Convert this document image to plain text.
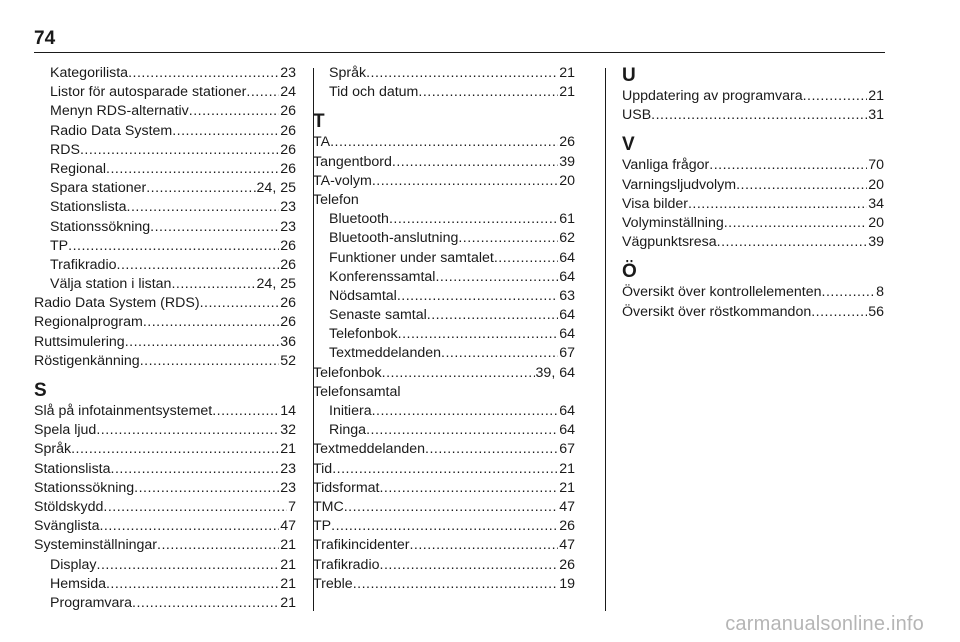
74
Kategorilista .....	23
Listor för autosparade stationer ..... 24
Menyn RDS-alternativ .....	26
Radio Data System .....	26
RDS .....	26
Regional .....	26
Spara stationer .....	24, 25
Stationslista .....	23
Stationssökning .....	23
TP .....	26
Trafikradio .....	26
Välja station i listan .....	24, 25
Radio Data System (RDS) .....	26
Regionalprogram .....	26
Ruttsimulering .....	36
Röstigenkänning .....	52
S
Slå på infotainmentsystemet .....	14
Spela ljud .....	32
Språk .....	21
Stationslista .....	23
Stationssökning .....	23
Stöldskydd .....	7
Svänglista .....	47
Systeminställningar .....	21
Display .....	21
Hemsida .....	21
Programvara .....	21
Språk .....	21
Tid och datum .....	21
T
TA .....	26
Tangentbord .....	39
TA-volym .....	20
Telefon
Bluetooth .....	61
Bluetooth-anslutning .....	62
Funktioner under samtalet .....	64
Konferenssamtal .....	64
Nödsamtal .....	63
Senaste samtal .....	64
Telefonbok .....	64
Textmeddelanden .....	67
Telefonbok .....	39, 64
Telefonsamtal
Initiera .....	64
Ringa .....	64
Textmeddelanden .....	67
Tid .....	21
Tidsformat .....	21
TMC .....	47
TP .....	26
Trafikincidenter .....	47
Trafikradio .....	26
Treble .....	19
U
Uppdatering av programvara .....	21
USB .....	31
V
Vanliga frågor .....	70
Varningsljudvolym .....	20
Visa bilder .....	34
Volyminställning .....	20
Vägpunktsresa .....	39
Ö
Översikt över kontrollelementen .....	8
Översikt över röstkommandon .....	56
carmanualsonline.info
